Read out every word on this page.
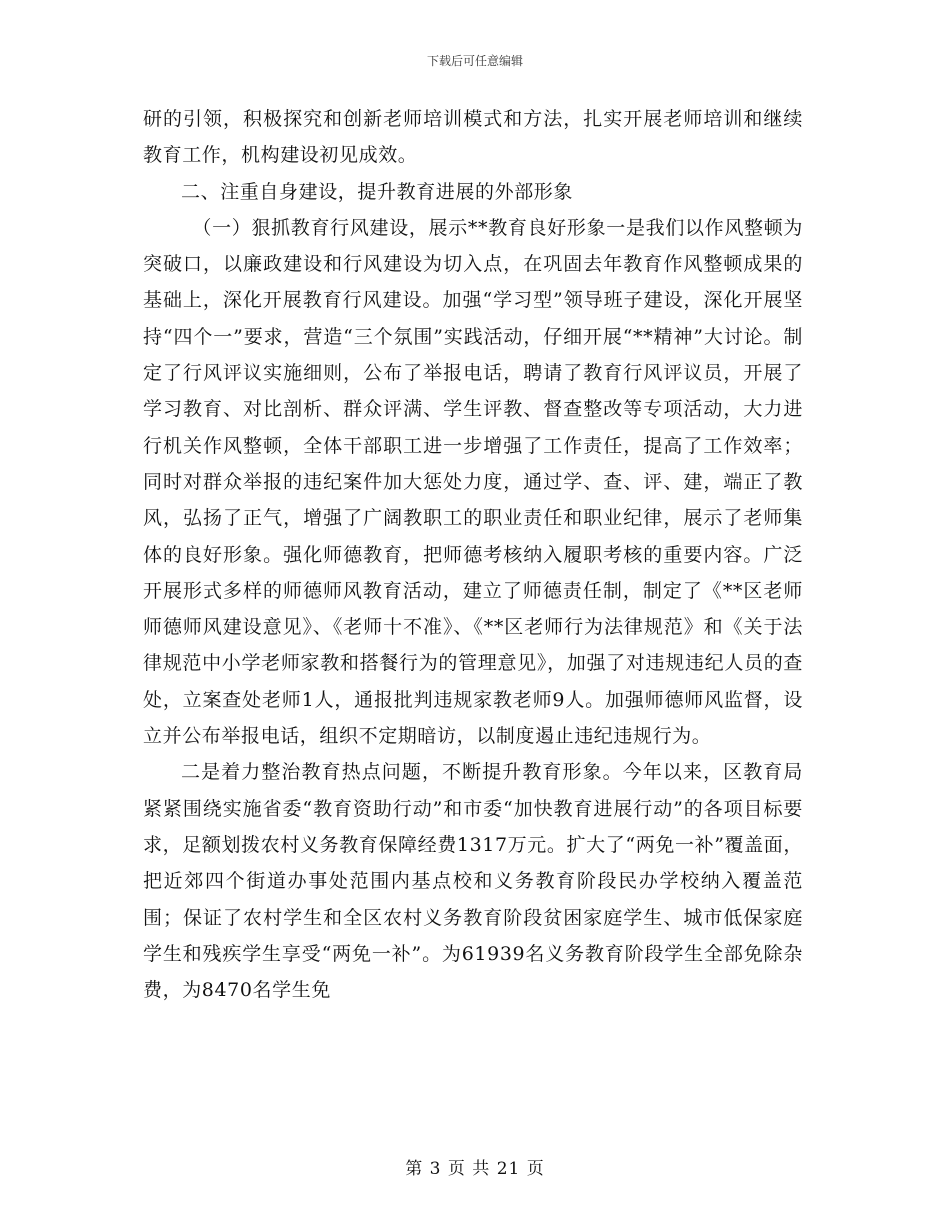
下载后可任意编辑

研的引领，积极探究和创新老师培训模式和方法，扎实开展老师培训和继续教育工作，机构建设初见成效。

二、注重自身建设，提升教育进展的外部形象

（一）狠抓教育行风建设，展示**教育良好形象一是我们以作风整顿为突破口，以廉政建设和行风建设为切入点，在巩固去年教育作风整顿成果的基础上，深化开展教育行风建设。加强“学习型”领导班子建设，深化开展坚持“四个一”要求，营造“三个氛围”实践活动，仔细开展“**精神”大讨论。制定了行风评议实施细则，公布了举报电话，聘请了教育行风评议员，开展了学习教育、对比剖析、群众评满、学生评教、督查整改等专项活动，大力进行机关作风整顿，全体干部职工进一步增强了工作责任，提高了工作效率；同时对群众举报的违纪案件加大惩处力度，通过学、查、评、建，端正了教风，弘扬了正气，增强了广阔教职工的职业责任和职业纪律，展示了老师集体的良好形象。强化师德教育，把师德考核纳入履职考核的重要内容。广泛开展形式多样的师德师风教育活动，建立了师德责任制，制定了《**区老师师德师风建设意见》、《老师十不准》、《**区老师行为法律规范》和《关于法律规范中小学老师家教和搭餐行为的管理意见》，加强了对违规违纪人员的查处，立案查处老师1人，通报批判违规家教老师9人。加强师德师风监督，设立并公布举报电话，组织不定期暗访，以制度遏止违纪违规行为。

二是着力整治教育热点问题，不断提升教育形象。今年以来，区教育局紧紧围绕实施省委“教育资助行动”和市委“加快教育进展行动”的各项目标要求，足额划拨农村义务教育保障经费1317万元。扩大了“两免一补”覆盖面，把近郊四个街道办事处范围内基点校和义务教育阶段民办学校纳入覆盖范围；保证了农村学生和全区农村义务教育阶段贫困家庭学生、城市低保家庭学生和残疾学生享受“两免一补”。为61939名义务教育阶段学生全部免除杂费，为8470名学生免

第 3 页 共 21 页
